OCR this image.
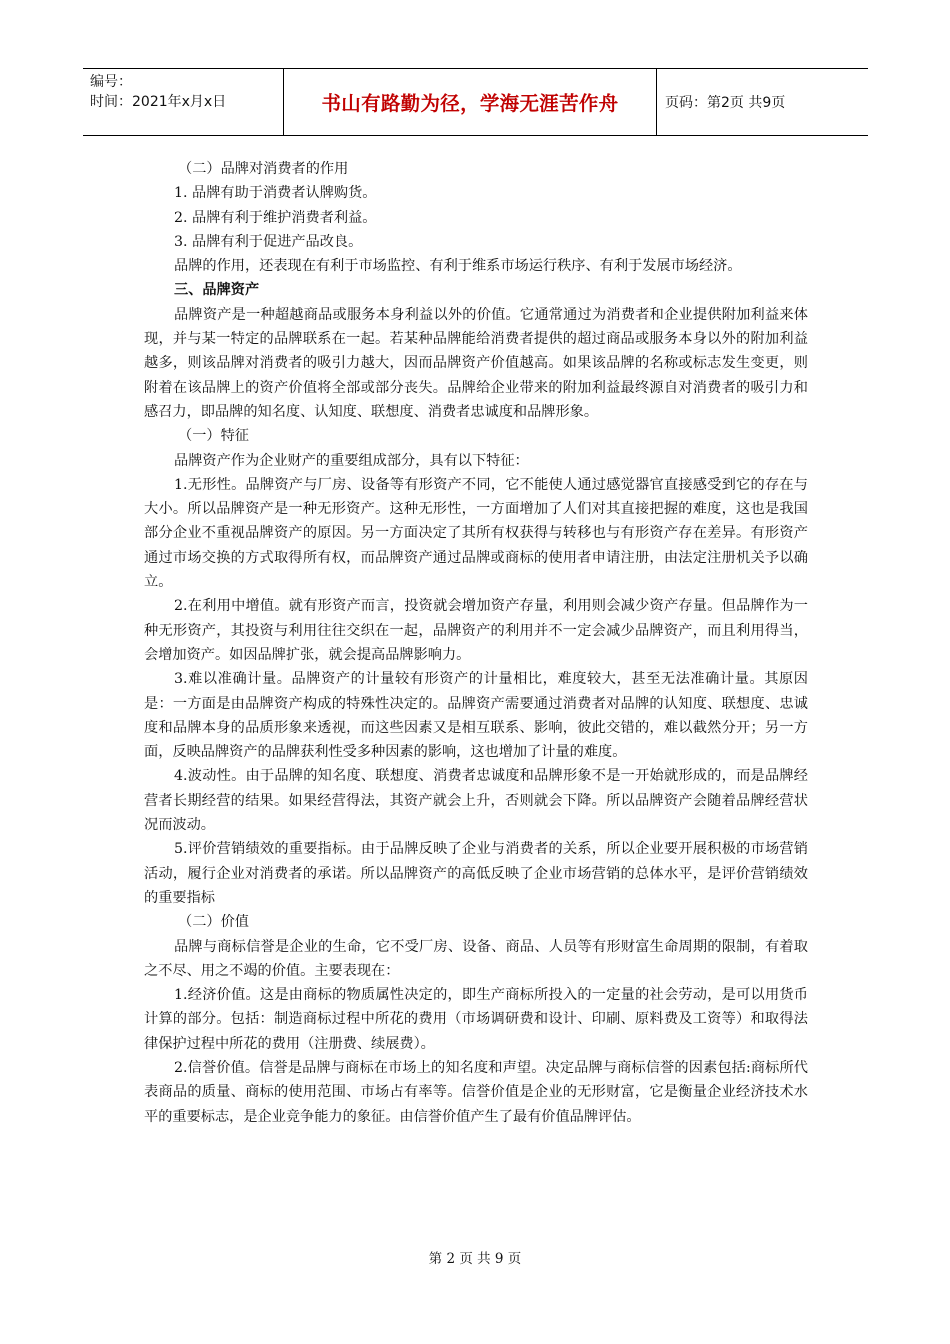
编号：
时间：2021年x月x日	书山有路勤为径，学海无涯苦作舟	页码：第2页 共9页

（二）品牌对消费者的作用

1. 品牌有助于消费者认牌购货。

2. 品牌有利于维护消费者利益。

3. 品牌有利于促进产品改良。

品牌的作用，还表现在有利于市场监控、有利于维系市场运行秩序、有利于发展市场经济。

三、品牌资产

品牌资产是一种超越商品或服务本身利益以外的价值。它通常通过为消费者和企业提供附加利益来体现，并与某一特定的品牌联系在一起。若某种品牌能给消费者提供的超过商品或服务本身以外的附加利益越多，则该品牌对消费者的吸引力越大，因而品牌资产价值越高。如果该品牌的名称或标志发生变更，则附着在该品牌上的资产价值将全部或部分丧失。品牌给企业带来的附加利益最终源自对消费者的吸引力和感召力，即品牌的知名度、认知度、联想度、消费者忠诚度和品牌形象。

（一）特征

品牌资产作为企业财产的重要组成部分，具有以下特征：

1.无形性。品牌资产与厂房、设备等有形资产不同，它不能使人通过感觉器官直接感受到它的存在与大小。所以品牌资产是一种无形资产。这种无形性，一方面增加了人们对其直接把握的难度，这也是我国部分企业不重视品牌资产的原因。另一方面决定了其所有权获得与转移也与有形资产存在差异。有形资产通过市场交换的方式取得所有权，而品牌资产通过品牌或商标的使用者申请注册，由法定注册机关予以确立。

2.在利用中增值。就有形资产而言，投资就会增加资产存量，利用则会减少资产存量。但品牌作为一种无形资产，其投资与利用往往交织在一起，品牌资产的利用并不一定会减少品牌资产，而且利用得当，会增加资产。如因品牌扩张，就会提高品牌影响力。

3.难以准确计量。品牌资产的计量较有形资产的计量相比，难度较大，甚至无法准确计量。其原因是：一方面是由品牌资产构成的特殊性决定的。品牌资产需要通过消费者对品牌的认知度、联想度、忠诚度和品牌本身的品质形象来透视，而这些因素又是相互联系、影响，彼此交错的，难以截然分开；另一方面，反映品牌资产的品牌获利性受多种因素的影响，这也增加了计量的难度。

4.波动性。由于品牌的知名度、联想度、消费者忠诚度和品牌形象不是一开始就形成的，而是品牌经营者长期经营的结果。如果经营得法，其资产就会上升，否则就会下降。所以品牌资产会随着品牌经营状况而波动。

5.评价营销绩效的重要指标。由于品牌反映了企业与消费者的关系，所以企业要开展积极的市场营销活动，履行企业对消费者的承诺。所以品牌资产的高低反映了企业市场营销的总体水平，是评价营销绩效的重要指标

（二）价值

品牌与商标信誉是企业的生命，它不受厂房、设备、商品、人员等有形财富生命周期的限制，有着取之不尽、用之不竭的价值。主要表现在：

1.经济价值。这是由商标的物质属性决定的，即生产商标所投入的一定量的社会劳动，是可以用货币计算的部分。包括：制造商标过程中所花的费用（市场调研费和设计、印刷、原料费及工资等）和取得法律保护过程中所花的费用（注册费、续展费）。

2.信誉价值。信誉是品牌与商标在市场上的知名度和声望。决定品牌与商标信誉的因素包括:商标所代表商品的质量、商标的使用范围、市场占有率等。信誉价值是企业的无形财富，它是衡量企业经济技术水平的重要标志，是企业竞争能力的象征。由信誉价值产生了最有价值品牌评估。

第 2 页 共 9 页
